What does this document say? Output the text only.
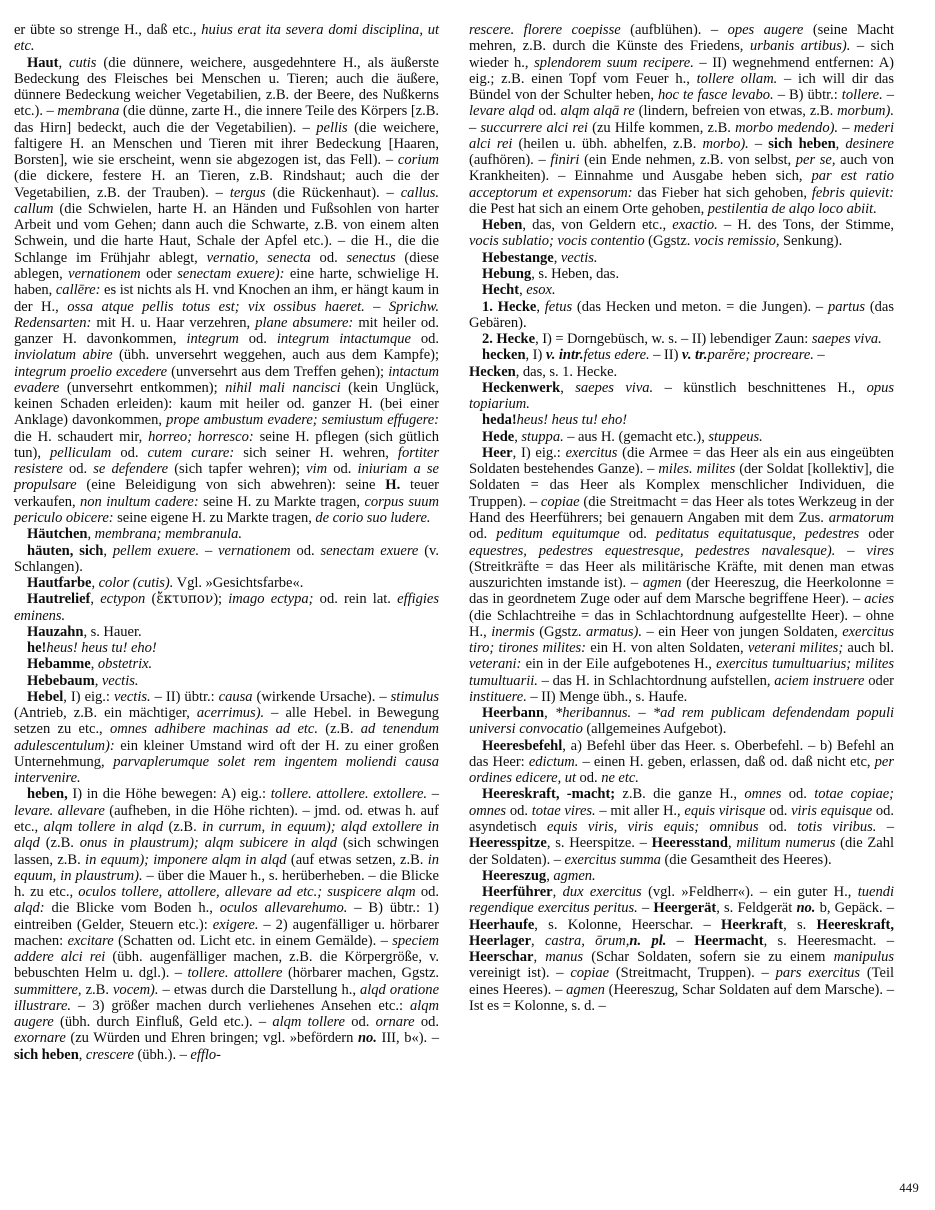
er übte so strenge H., daß etc., huius erat ita severa domi disciplina, ut etc.

Haut, cutis (die dünnere, weichere, ausgedehntere H., als äußerste Bedeckung des Fleisches bei Menschen u. Tieren; auch die äußere, dünnere Bedeckung weicher Vegetabilien, z.B. der Beere, des Nußkerns etc.). – membrana (die dünne, zarte H., die innere Teile des Körpers [z.B. das Hirn] bedeckt, auch die der Vegetabilien). – pellis (die weichere, faltigere H. an Menschen und Tieren mit ihrer Bedeckung [Haaren, Borsten], wie sie erscheint, wenn sie abgezogen ist, das Fell). – corium (die dickere, festere H. an Tieren, z.B. Rindshaut; auch die der Vegetabilien, z.B. der Trauben). – tergus (die Rückenhaut). – callus. callum (die Schwielen, harte H. an Händen und Fußsohlen von harter Arbeit und vom Gehen; dann auch die Schwarte, z.B. von einem alten Schwein, und die harte Haut, Schale der Apfel etc.). – die H., die die Schlange im Frühjahr ablegt, vernatio, senecta od. senectus (diese ablegen, vernationem oder senectam exuere): eine harte, schwielige H. haben, callēre: es ist nichts als H. vnd Knochen an ihm, er hängt kaum in der H., ossa atque pellis totus est; vix ossibus haeret. – Sprichw. Redensarten: mit H. u. Haar verzehren, plane absumere: mit heiler od. ganzer H. davonkommen, integrum od. integrum intactumque od. inviolatum abire (übh. unversehrt weggehen, auch aus dem Kampfe); integrum proelio excedere (unversehrt aus dem Treffen gehen); intactum evadere (unversehrt entkommen); nihil mali nancisci (kein Unglück, keinen Schaden erleiden): kaum mit heiler od. ganzer H. (bei einer Anklage) davonkommen, prope ambustum evadere; semiustum effugere: die H. schaudert mir, horreo; horresco: seine H. pflegen (sich gütlich tun), pelliculam od. cutem curare: sich seiner H. wehren, fortiter resistere od. se defendere (sich tapfer wehren); vim od. iniuriam a se propulsare (eine Beleidigung von sich abwehren): seine H. teuer verkaufen, non inultum cadere: seine H. zu Markte tragen, corpus suum periculo obicere: seine eigene H. zu Markte tragen, de corio suo ludere.

Häutchen, membrana; membranula.

häuten, sich, pellem exuere. – vernationem od. senectam exuere (v. Schlangen).

Hautfarbe, color (cutis). Vgl. »Gesichtsfarbe«.

Hautrelief, ectypon (ἔκτυπον); imago ectypa; od. rein lat. effigies eminens.

Hauzahn, s. Hauer.

he!heus! heus tu! eho!

Hebamme, obstetrix.

Hebebaum, vectis.

Hebel, I) eig.: vectis. – II) übtr.: causa (wirkende Ursache). – stimulus (Antrieb, z.B. ein mächtiger, acerrimus). – alle Hebel. in Bewegung setzen zu etc., omnes adhibere machinas ad etc. (z.B. ad tenendum adulescentulum): ein kleiner Umstand wird oft der H. zu einer großen Unternehmung, parvaplerumque solet rem ingentem moliendi causa intervenire.

heben, I) in die Höhe bewegen: A) eig.: tollere. attollere. extollere. – levare. allevare (aufheben, in die Höhe richten). – jmd. od. etwas h. auf etc., alqm tollere in alqd (z.B. in currum, in equum); alqd extollere in alqd (z.B. onus in plaustrum); alqm subicere in alqd (sich schwingen lassen, z.B. in equum); imponere alqm in alqd (auf etwas setzen, z.B. in equum, in plaustrum). – über die Mauer h., s. herüberheben. – die Blicke h. zu etc., oculos tollere, attollere, allevare ad etc.; suspicere alqm od. alqd: die Blicke vom Boden h., oculos allevarehumo. – B) übtr.: 1) eintreiben (Gelder, Steuern etc.): exigere. – 2) augenfälliger u. hörbarer machen: excitare (Schatten od. Licht etc. in einem Gemälde). – speciem addere alci rei (übh. augenfälliger machen, z.B. die Körpergröße, v. bebuschten Helm u. dgl.). – tollere. attollere (hörbarer machen, Ggstz. summittere, z.B. vocem). – etwas durch die Darstellung h., alqd oratione illustrare. – 3) größer machen durch verliehenes Ansehen etc.: alqm augere (übh. durch Einfluß, Geld etc.). – alqm tollere od. ornare od. exornare (zu Würden und Ehren bringen; vgl. »befördern no. III, b«). – sich heben, crescere (übh.). – efflo-

rescere. florere coepisse (aufblühen). – opes augere (seine Macht mehren, z.B. durch die Künste des Friedens, urbanis artibus). – sich wieder h., splendorem suum recipere. – II) wegnehmend entfernen: A) eig.; z.B. einen Topf vom Feuer h., tollere ollam. – ich will dir das Bündel von der Schulter heben, hoc te fasce levabo. – B) übtr.: tollere. – levare alqd od. alqm alqā re (lindern, befreien von etwas, z.B. morbum). – succurrere alci rei (zu Hilfe kommen, z.B. morbo medendo). – mederi alci rei (heilen u. übh. abhelfen, z.B. morbo). – sich heben, desinere (aufhören). – finiri (ein Ende nehmen, z.B. von selbst, per se, auch von Krankheiten). – Einnahme und Ausgabe heben sich, par est ratio acceptorum et expensorum: das Fieber hat sich gehoben, febris quievit: die Pest hat sich an einem Orte gehoben, pestilentia de alqo loco abiit.

Heben, das, von Geldern etc., exactio. – H. des Tons, der Stimme, vocis sublatio; vocis contentio (Ggstz. vocis remissio, Senkung).

Hebestange, vectis.

Hebung, s. Heben, das.

Hecht, esox.

1. Hecke, fetus (das Hecken und meton. = die Jungen). – partus (das Gebären).

2. Hecke, I) = Dorngebüsch, w. s. – II) lebendiger Zaun: saepes viva.

hecken, I) v. intr.fetus edere. – II) v. tr.parĕre; procreare. –

Hecken, das, s. 1. Hecke.

Heckenwerk, saepes viva. – künstlich beschnittenes H., opus topiarium.

heda!heus! heus tu! eho!

Hede, stuppa. – aus H. (gemacht etc.), stuppeus.

Heer, I) eig.: exercitus (die Armee = das Heer als ein aus eingeübten Soldaten bestehendes Ganze). – miles. milites (der Soldat [kollektiv], die Soldaten = das Heer als Komplex menschlicher Individuen, die Truppen). – copiae (die Streitmacht = das Heer als totes Werkzeug in der Hand des Heerführers; bei genauern Angaben mit dem Zus. armatorum od. peditum equitumque od. peditatus equitatusque, pedestres oder equestres, pedestres equestresque, pedestres navalesque). – vires (Streitkräfte = das Heer als militärische Kräfte, mit denen man etwas auszurichten imstande ist). – agmen (der Heereszug, die Heerkolonne = das in geordnetem Zuge oder auf dem Marsche begriffene Heer). – acies (die Schlachtreihe = das in Schlachtordnung aufgestellte Heer). – ohne H., inermis (Ggstz. armatus). – ein Heer von jungen Soldaten, exercitus tiro; tirones milites: ein H. von alten Soldaten, veterani milites; auch bl. veterani: ein in der Eile aufgebotenes H., exercitus tumultuarius; milites tumultuarii. – das H. in Schlachtordnung aufstellen, aciem instruere oder instituere. – II) Menge übh., s. Haufe.

Heerbann, *heribannus. – *ad rem publicam defendendam populi universi convocatio (allgemeines Aufgebot).

Heeresbefehl, a) Befehl über das Heer. s. Oberbefehl. – b) Befehl an das Heer: edictum. – einen H. geben, erlassen, daß od. daß nicht etc, per ordines edicere, ut od. ne etc.

Heereskraft, -macht; z.B. die ganze H., omnes od. totae copiae; omnes od. totae vires. – mit aller H., equis virisque od. viris equisque od. asyndetisch equis viris, viris equis; omnibus od. totis viribus. – Heeresspitze, s. Heerspitze. – Heeresstand, militum numerus (die Zahl der Soldaten). – exercitus summa (die Gesamtheit des Heeres).

Heereszug, agmen.

Heerführer, dux exercitus (vgl. »Feldherr«). – ein guter H., tuendi regendique exercitus peritus. – Heergerät, s. Feldgerät no. b, Gepäck. – Heerhaufe, s. Kolonne, Heerschar. – Heerkraft, s. Heereskraft, Heerlager, castra, ōrum,n. pl. – Heermacht, s. Heeresmacht. – Heerschar, manus (Schar Soldaten, sofern sie zu einem manipulus vereinigt ist). – copiae (Streitmacht, Truppen). – pars exercitus (Teil eines Heeres). – agmen (Heereszug, Schar Soldaten auf dem Marsche). – Ist es = Kolonne, s. d. –

449
